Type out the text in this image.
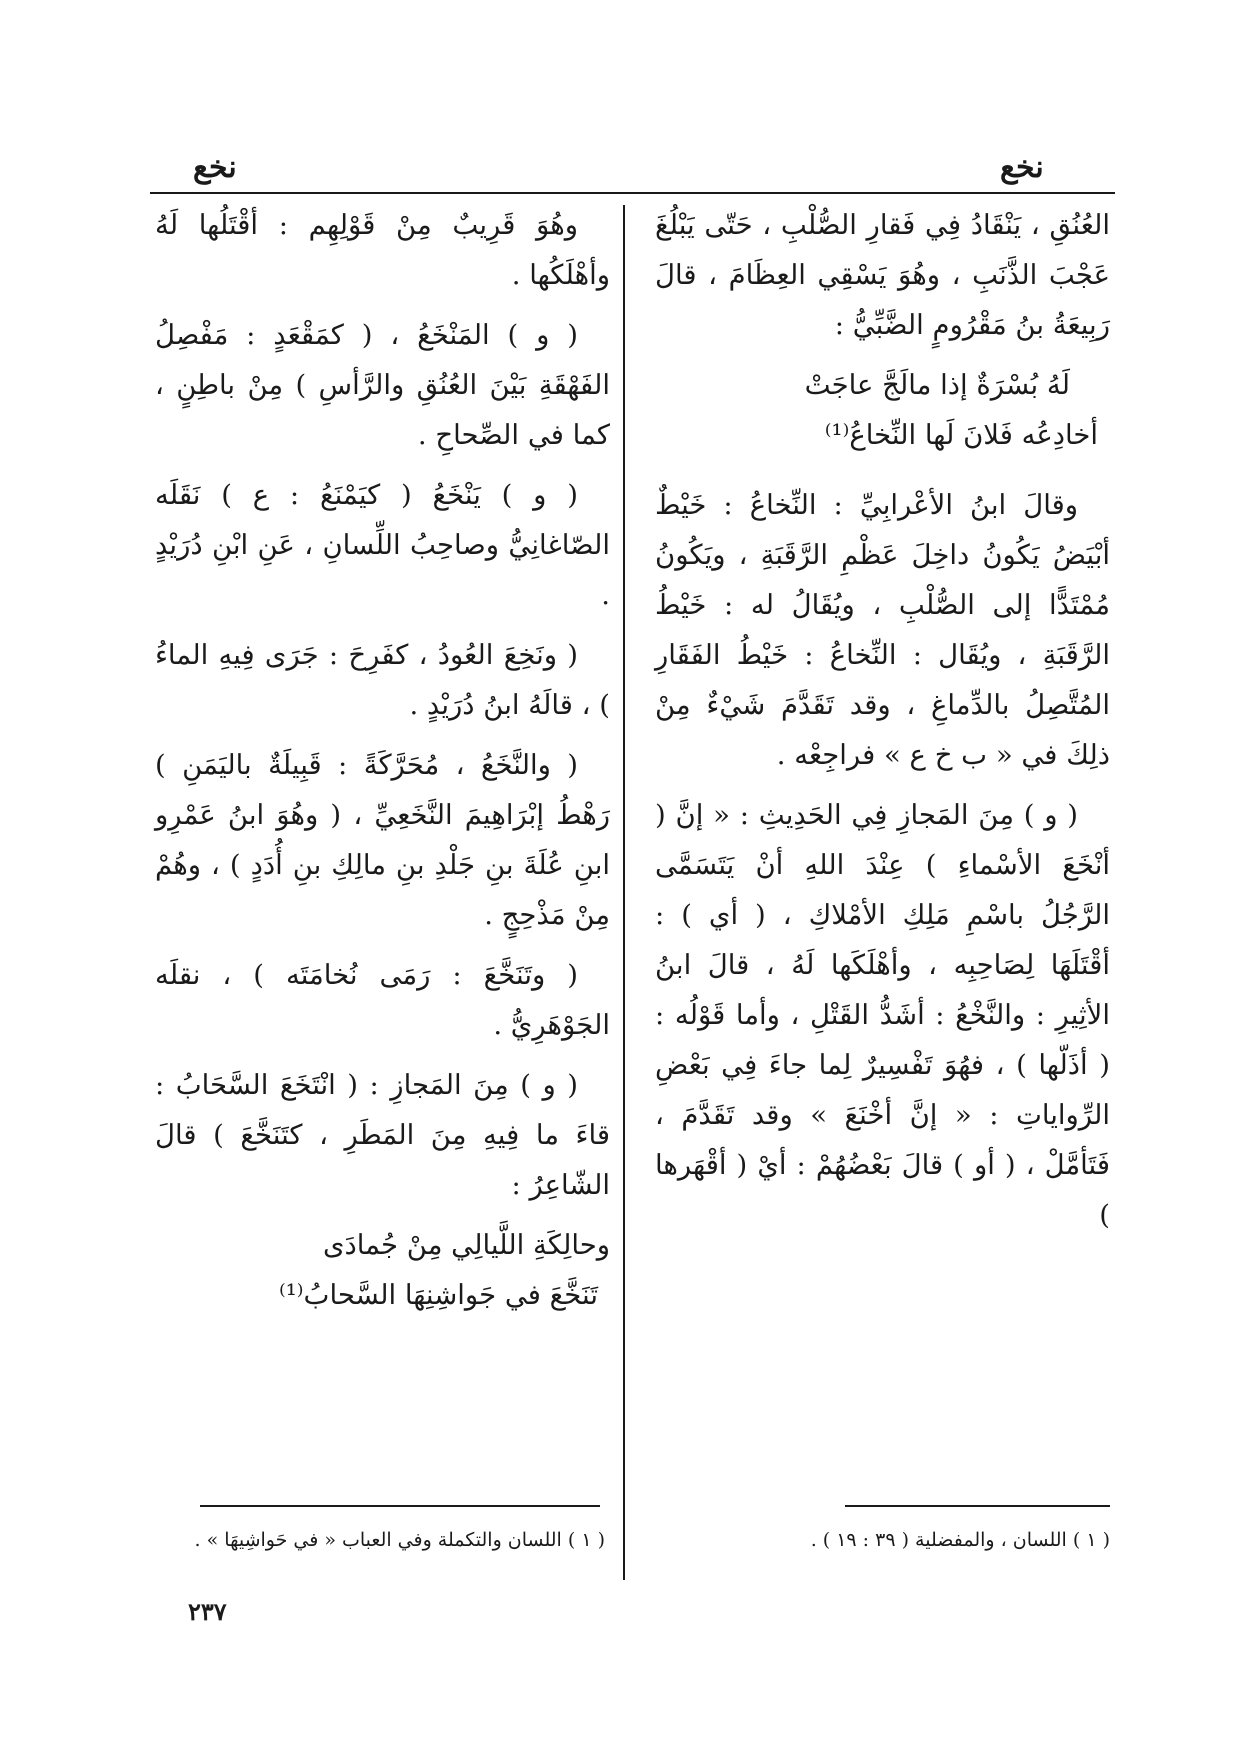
نخع	نخع

العُنُقِ ، يَنْقَادُ فِي فَقارِ الصُّلْبِ ، حَتّى يَبْلُغَ عَجْبَ الذَّنَبِ ، وهُوَ يَسْقِي العِظَامَ ، قالَ رَبِيعَةُ بنُ مَقْرُومٍ الضَّبِّيُّ :

لَهُ بُسْرَةٌ إذا مالَجَّ عاجَتْ

أخادِعُه فَلانَ لَها النِّخاعُ⁽¹⁾

وقالَ ابنُ الأعْرابِيِّ : النِّخاعُ : خَيْطٌ أبْيَضُ يَكُونُ داخِلَ عَظْمِ الرَّقَبَةِ ، ويَكُونُ مُمْتَدًّا إلى الصُّلْبِ ، ويُقَالُ له : خَيْطُ الرَّقَبَةِ ، ويُقَال : النِّخاعُ : خَيْطُ الفَقَارِ المُتَّصِلُ بالدِّماغِ ، وقد تَقَدَّمَ شَيْءٌ مِنْ ذلِكَ في « ب خ ع » فراجِعْه .

( و ) مِنَ المَجازِ فِي الحَدِيثِ : « إنَّ ( أنْخَعَ الأسْماءِ ) عِنْدَ اللهِ أنْ يَتَسَمَّى الرَّجُلُ باسْمِ مَلِكِ الأمْلاكِ ، ( أي ) : أقْتَلَهَا لِصَاحِبِه ، وأهْلَكَها لَهُ ، قالَ ابنُ الأثِيرِ : والنَّخْعُ : أشَدُّ القَتْلِ ، وأما قَوْلُه : ( أذَلّها ) ، فهُوَ تَفْسِيرٌ لِما جاءَ فِي بَعْضِ الرِّواياتِ : « إنَّ أخْنَعَ » وقد تَقَدَّمَ ، فَتَأمَّلْ ، ( أو ) قالَ بَعْضُهُمْ : أيْ ( أقْهَرها )

وهُوَ قَرِيبٌ مِنْ قَوْلِهِم : أقْتَلُها لَهُ وأهْلَكُها .

( و ) المَنْخَعُ ، ( كمَقْعَدٍ : مَفْصِلُ الفَهْقَةِ بَيْنَ العُنُقِ والرَّأسِ ) مِنْ باطِنٍ ، كما في الصِّحاحِ .

( و ) يَنْخَعُ ( كيَمْنَعُ : ع ) نَقَلَه الصّاغانِيُّ وصاحِبُ اللِّسانِ ، عَنِ ابْنِ دُرَيْدٍ .

( ونَخِعَ العُودُ ، كفَرِحَ : جَرَى فِيهِ الماءُ ) ، قالَهُ ابنُ دُرَيْدٍ .

( والنَّخَعُ ، مُحَرَّكَةً : قَبِيلَةٌ باليَمَنِ ) رَهْطُ إبْرَاهِيمَ النَّخَعِيِّ ، ( وهُوَ ابنُ عَمْرِو ابنِ عُلَةَ بنِ جَلْدِ بنِ مالِكِ بنِ أُدَدٍ ) ، وهُمْ مِنْ مَذْحِجٍ .

( وتَنَخَّعَ : رَمَى نُخامَتَه ) ، نقلَه الجَوْهَرِيُّ .

( و ) مِنَ المَجازِ : ( انْتَخَعَ السَّحَابُ : قاءَ ما فِيهِ مِنَ المَطَرِ ، كتَنَخَّعَ ) قالَ الشّاعِرُ :

وحالِكَةِ اللَّيالِي مِنْ جُمادَى

تَنَخَّعَ في جَواشِنِهَا السَّحابُ⁽¹⁾

( ١ ) اللسان ، والمفضلية ( ٣٩ : ١٩ ) .
( ١ ) اللسان والتكملة وفي العباب « في حَواشِيهَا » .
٢٣٧
